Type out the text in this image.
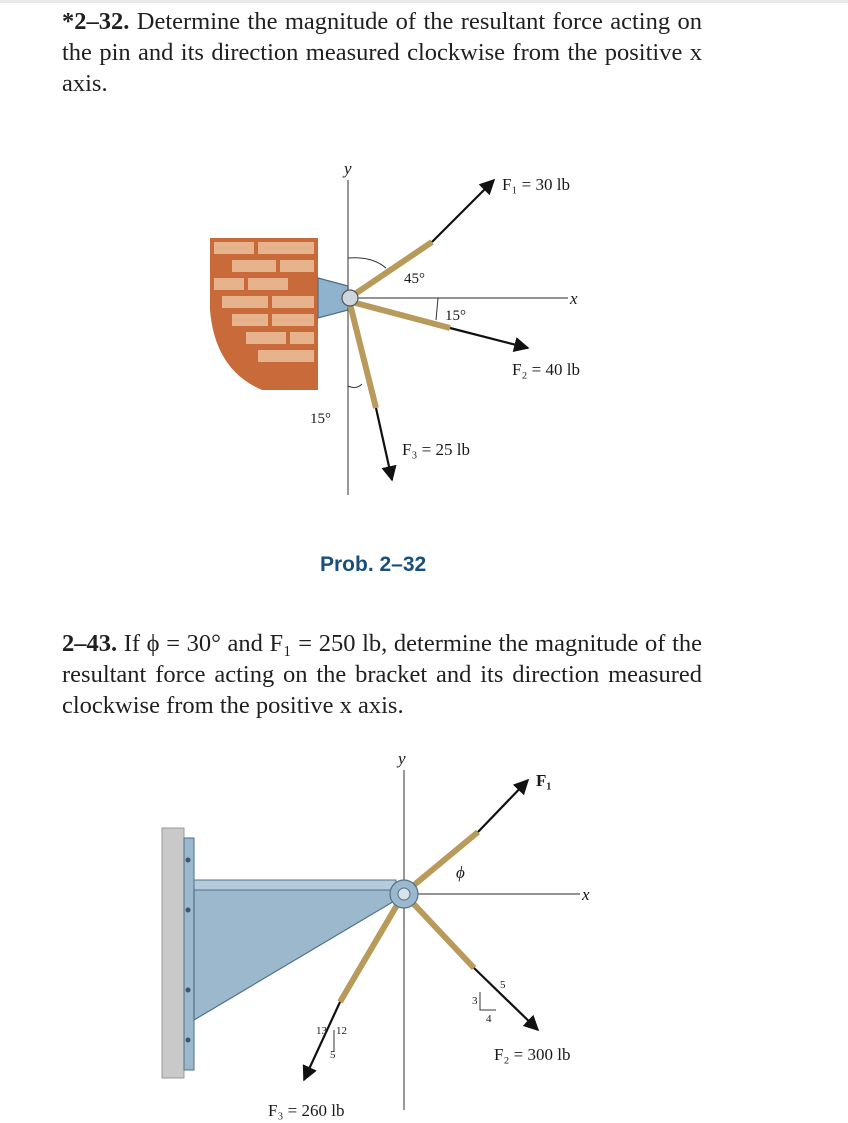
*2–32. Determine the magnitude of the resultant force acting on the pin and its direction measured clockwise from the positive x axis.

y
x
F₁ = 30 lb
F₂ = 40 lb
F₃ = 25 lb
45°
15°
15°
Prob. 2–32

2–43. If ϕ = 30° and F₁ = 250 lb, determine the magnitude of the resultant force acting on the bracket and its direction measured clockwise from the positive x axis.

y
x
F₁
ϕ
F₂ = 300 lb
3
4
5
F₃ = 260 lb
13 12
5
